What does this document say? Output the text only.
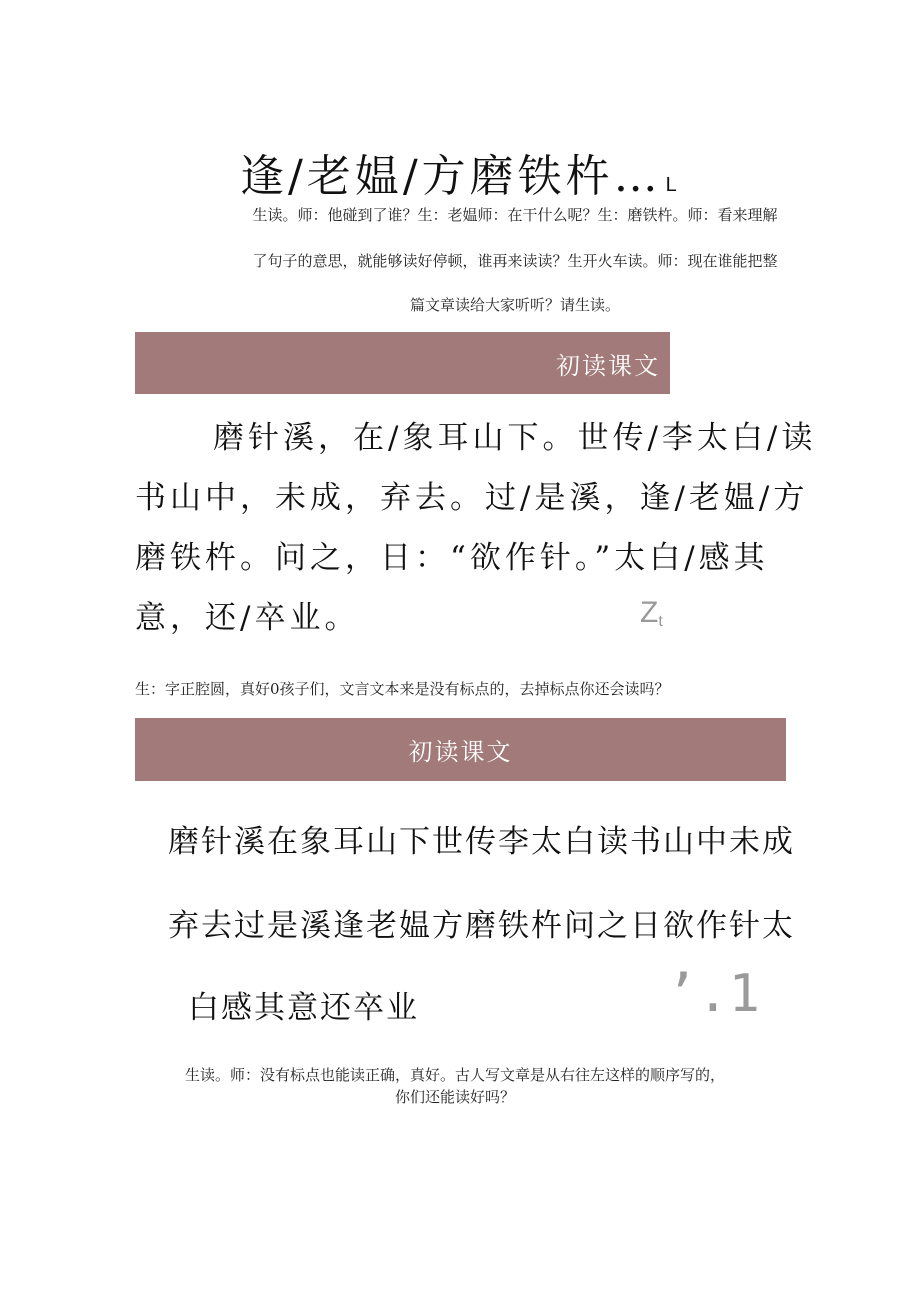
逢/老媪/方磨铁杵… L
生读。师：他碰到了谁？生：老媪师：在干什么呢？生：磨铁杵。师：看来理解
了句子的意思，就能够读好停顿，谁再来读读？生开火车读。师：现在谁能把整
篇文章读给大家听听？请生读。
初读课文
磨针溪，在/象耳山下。世传/李太白/读
书山中，未成，弃去。过/是溪，逢/老媪/方
磨铁杵。问之，日：“欲作针。”太白/感其
意，还/卒业。	$Z_t$
生：字正腔圆，真好0孩子们，文言文本来是没有标点的，去掉标点你还会读吗？
初读课文
磨针溪在象耳山下世传李太白读书山中未成
弃去过是溪逢老媪方磨铁杵问之日欲作针太
白感其意还卒业	’.1
生读。师：没有标点也能读正确，真好。古人写文章是从右往左这样的顺序写的，
你们还能读好吗？
